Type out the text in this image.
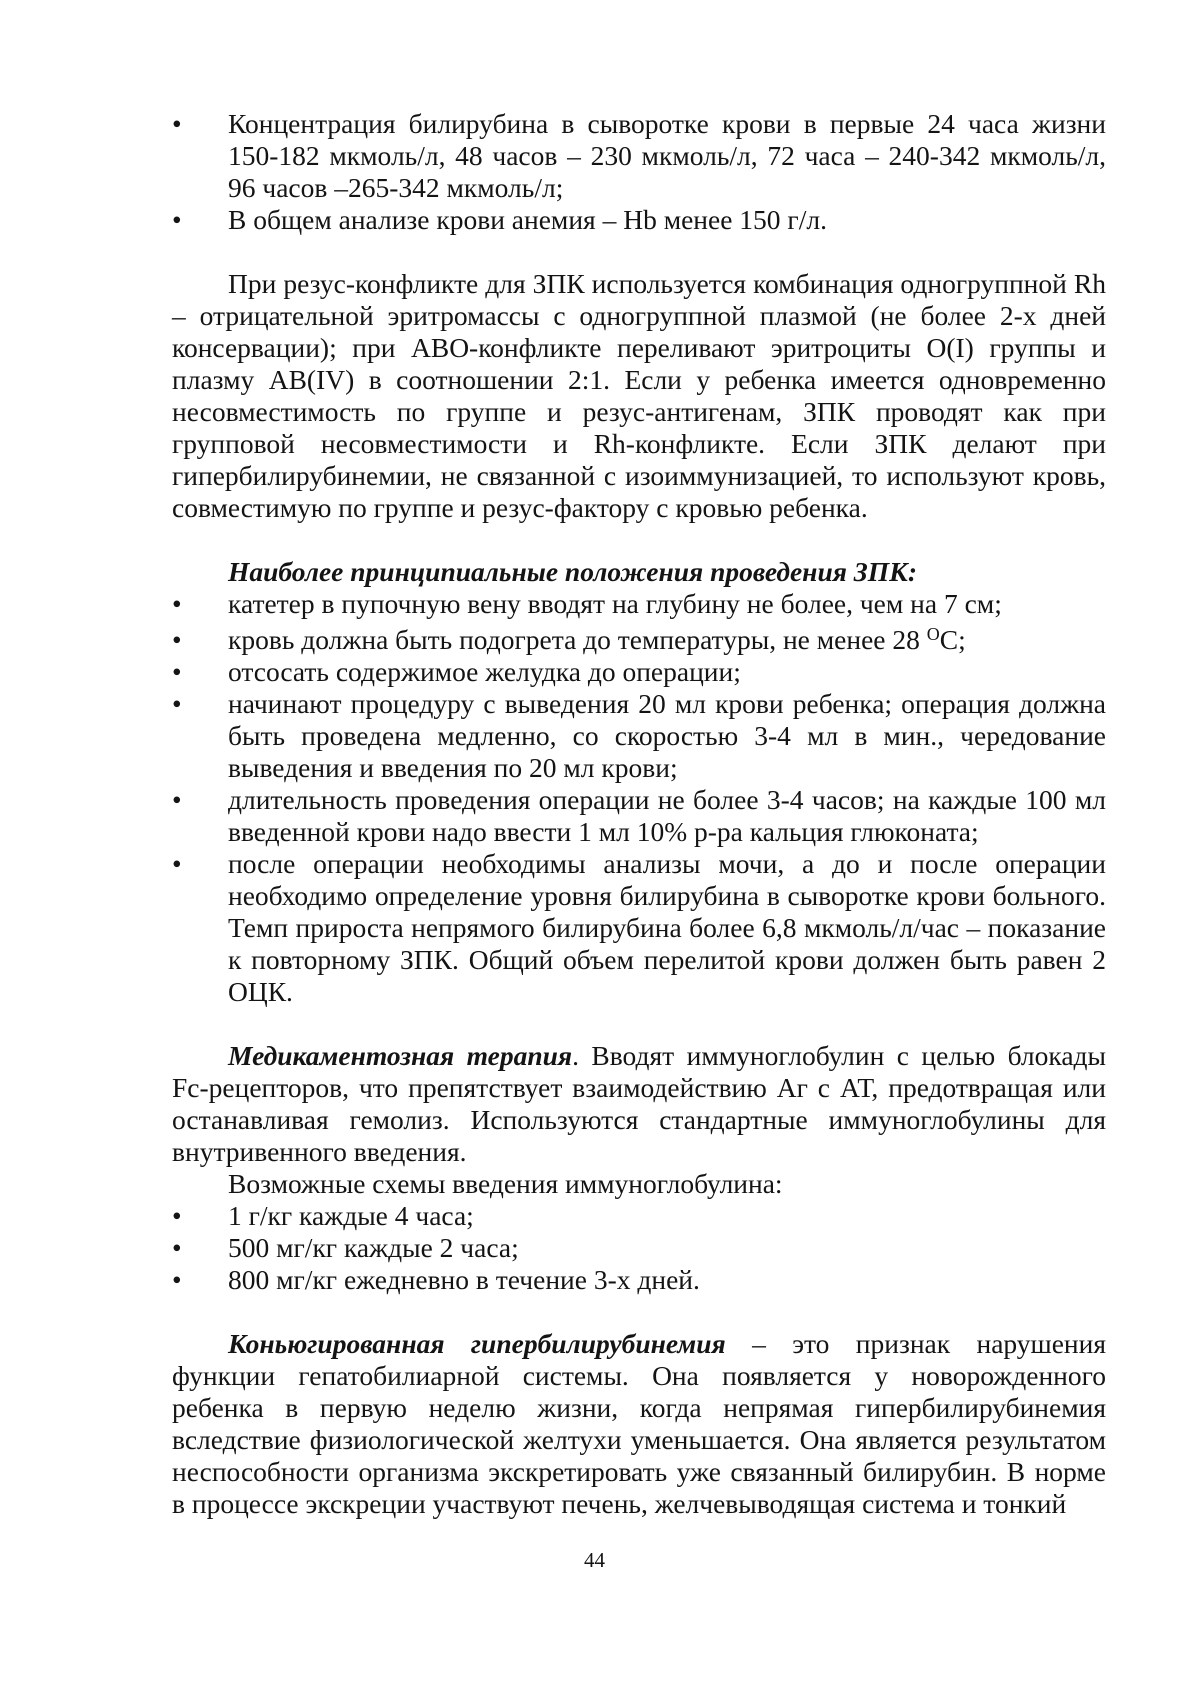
•	Концентрация билирубина в сыворотке крови в первые 24 часа жизни 150-182 мкмоль/л, 48 часов – 230 мкмоль/л, 72 часа – 240-342 мкмоль/л, 96 часов –265-342 мкмоль/л;
•	В общем анализе крови анемия – Hb менее 150 г/л.

При резус-конфликте для ЗПК используется комбинация одногруппной Rh – отрицательной эритромассы с одногруппной плазмой (не более 2-х дней консервации); при АВО-конфликте переливают эритроциты О(I) группы и плазму АВ(IV) в соотношении 2:1. Если у ребенка имеется одновременно несовместимость по группе и резус-антигенам, ЗПК проводят как при групповой несовместимости и Rh-конфликте. Если ЗПК делают при гипербилирубинемии, не связанной с изоиммунизацией, то используют кровь, совместимую по группе и резус-фактору с кровью ребенка.

Наиболее принципиальные положения проведения ЗПК:

•	катетер в пупочную вену вводят на глубину не более, чем на 7 см;
•	кровь должна быть подогрета до температуры, не менее 28 $^О$С;
•	отсосать содержимое желудка до операции;
•	начинают процедуру с выведения 20 мл крови ребенка; операция должна быть проведена медленно, со скоростью 3-4 мл в мин., чередование выведения и введения по 20 мл крови;
•	длительность проведения операции не более 3-4 часов; на каждые 100 мл введенной крови надо ввести 1 мл 10% р-ра кальция глюконата;
•	после операции необходимы анализы мочи, а до и после операции необходимо определение уровня билирубина в сыворотке крови больного. Темп прироста непрямого билирубина более 6,8 мкмоль/л/час – показание к повторному ЗПК. Общий объем перелитой крови должен быть равен 2 ОЦК.

Медикаментозная терапия. Вводят иммуноглобулин с целью блокады Fc-рецепторов, что препятствует взаимодействию Аг с АТ, предотвращая или останавливая гемолиз. Используются стандартные иммуноглобулины для внутривенного введения.

Возможные схемы введения иммуноглобулина:

•	1 г/кг каждые 4 часа;
•	500 мг/кг каждые 2 часа;
•	800 мг/кг ежедневно в течение 3-х дней.

Коньюгированная гипербилирубинемия – это признак нарушения функции гепатобилиарной системы. Она появляется у новорожденного ребенка в первую неделю жизни, когда непрямая гипербилирубинемия вследствие физиологической желтухи уменьшается. Она является результатом неспособности организма экскретировать уже связанный билирубин. В норме в процессе экскреции участвуют печень, желчевыводящая система и тонкий

44
